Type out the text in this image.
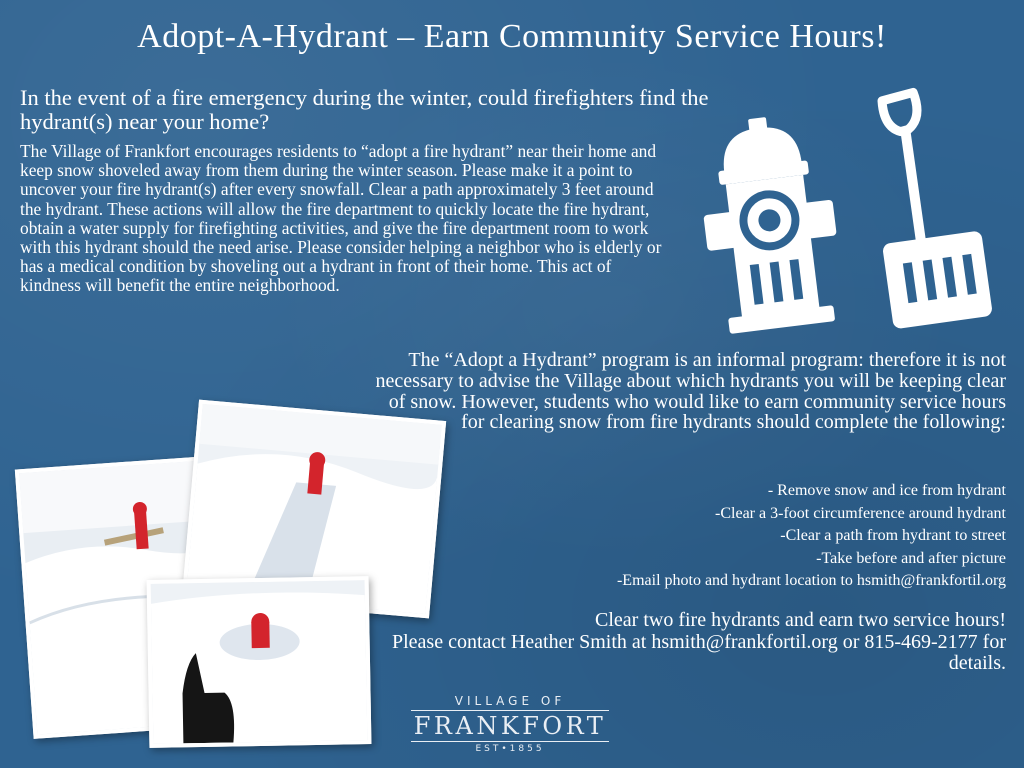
Adopt-A-Hydrant – Earn Community Service Hours!
In the event of a fire emergency during the winter, could firefighters find the hydrant(s) near your home?
The Village of Frankfort encourages residents to “adopt a fire hydrant” near their home and keep snow shoveled away from them during the winter season. Please make it a point to uncover your fire hydrant(s) after every snowfall. Clear a path approximately 3 feet around the hydrant. These actions will allow the fire department to quickly locate the fire hydrant, obtain a water supply for firefighting activities, and give the fire department room to work with this hydrant should the need arise. Please consider helping a neighbor who is elderly or has a medical condition by shoveling out a hydrant in front of their home. This act of kindness will benefit the entire neighborhood.
The “Adopt a Hydrant” program is an informal program: therefore it is not necessary to advise the Village about which hydrants you will be keeping clear of snow. However, students who would like to earn community service hours for clearing snow from fire hydrants should complete the following:
- Remove snow and ice from hydrant
-Clear a 3-foot circumference around hydrant
-Clear a path from hydrant to street
-Take before and after picture
-Email photo and hydrant location to hsmith@frankfortil.org
Clear two fire hydrants and earn two service hours!
Please contact Heather Smith at hsmith@frankfortil.org or 815-469-2177 for details.
VILLAGE OF
FRANKFORT
EST•1855
